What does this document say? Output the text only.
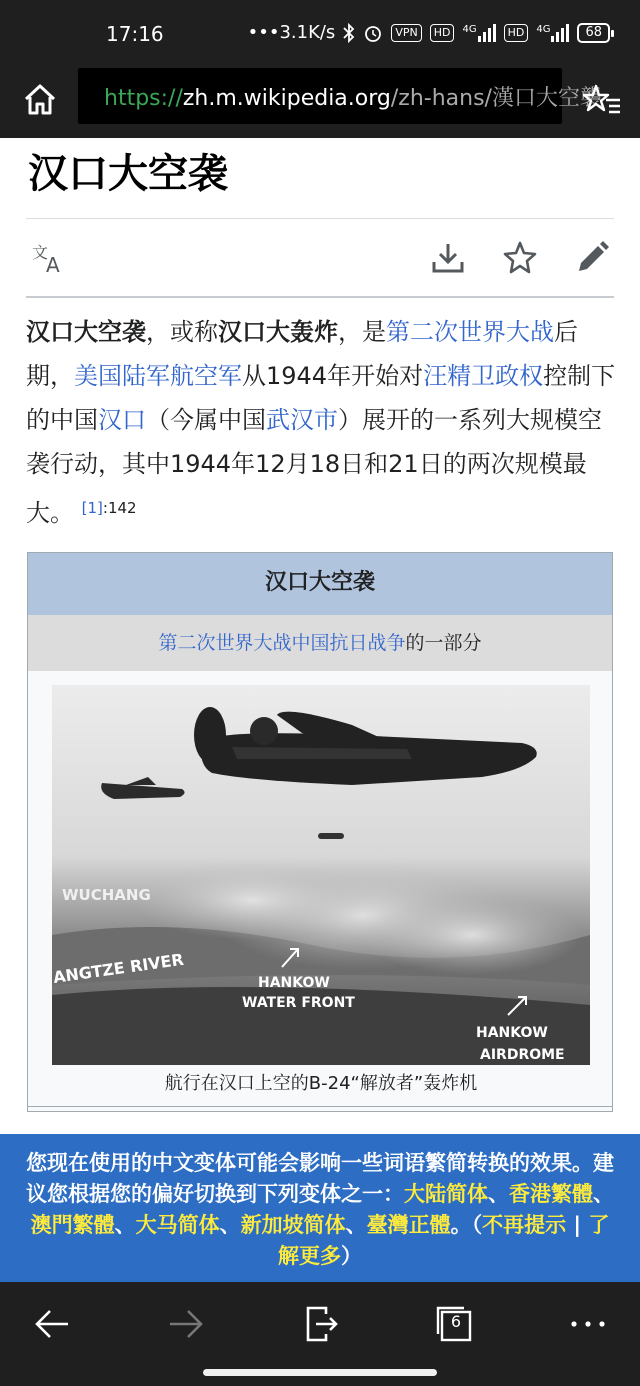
17:16	•••3.1K/s	VPN	HD	4G	HD	4G	68
https://zh.m.wikipedia.org/zh-hans/漢口大空襲
汉口大空袭
文
A

汉口大空袭，或称汉口大轰炸，是第二次世界大战后期，美国陆军航空军从1944年开始对汪精卫政权控制下的中国汉口（今属中国武汉市）展开的一系列大规模空袭行动，其中1944年12月18日和21日的两次规模最大。 $^{[1]:142}$

汉口大空袭
第二次世界大战中国抗日战争的一部分
WUCHANG
ANGTZE RIVER	HANKOW
WATER FRONT
HANKOW
AIRDROME
航行在汉口上空的B-24“解放者”轰炸机
您现在使用的中文变体可能会影响一些词语繁简转换的效果。建议您根据您的偏好切换到下列变体之一：大陆简体、香港繁體、澳門繁體、大马简体、新加坡简体、臺灣正體。（不再提示 | 了解更多）
6
